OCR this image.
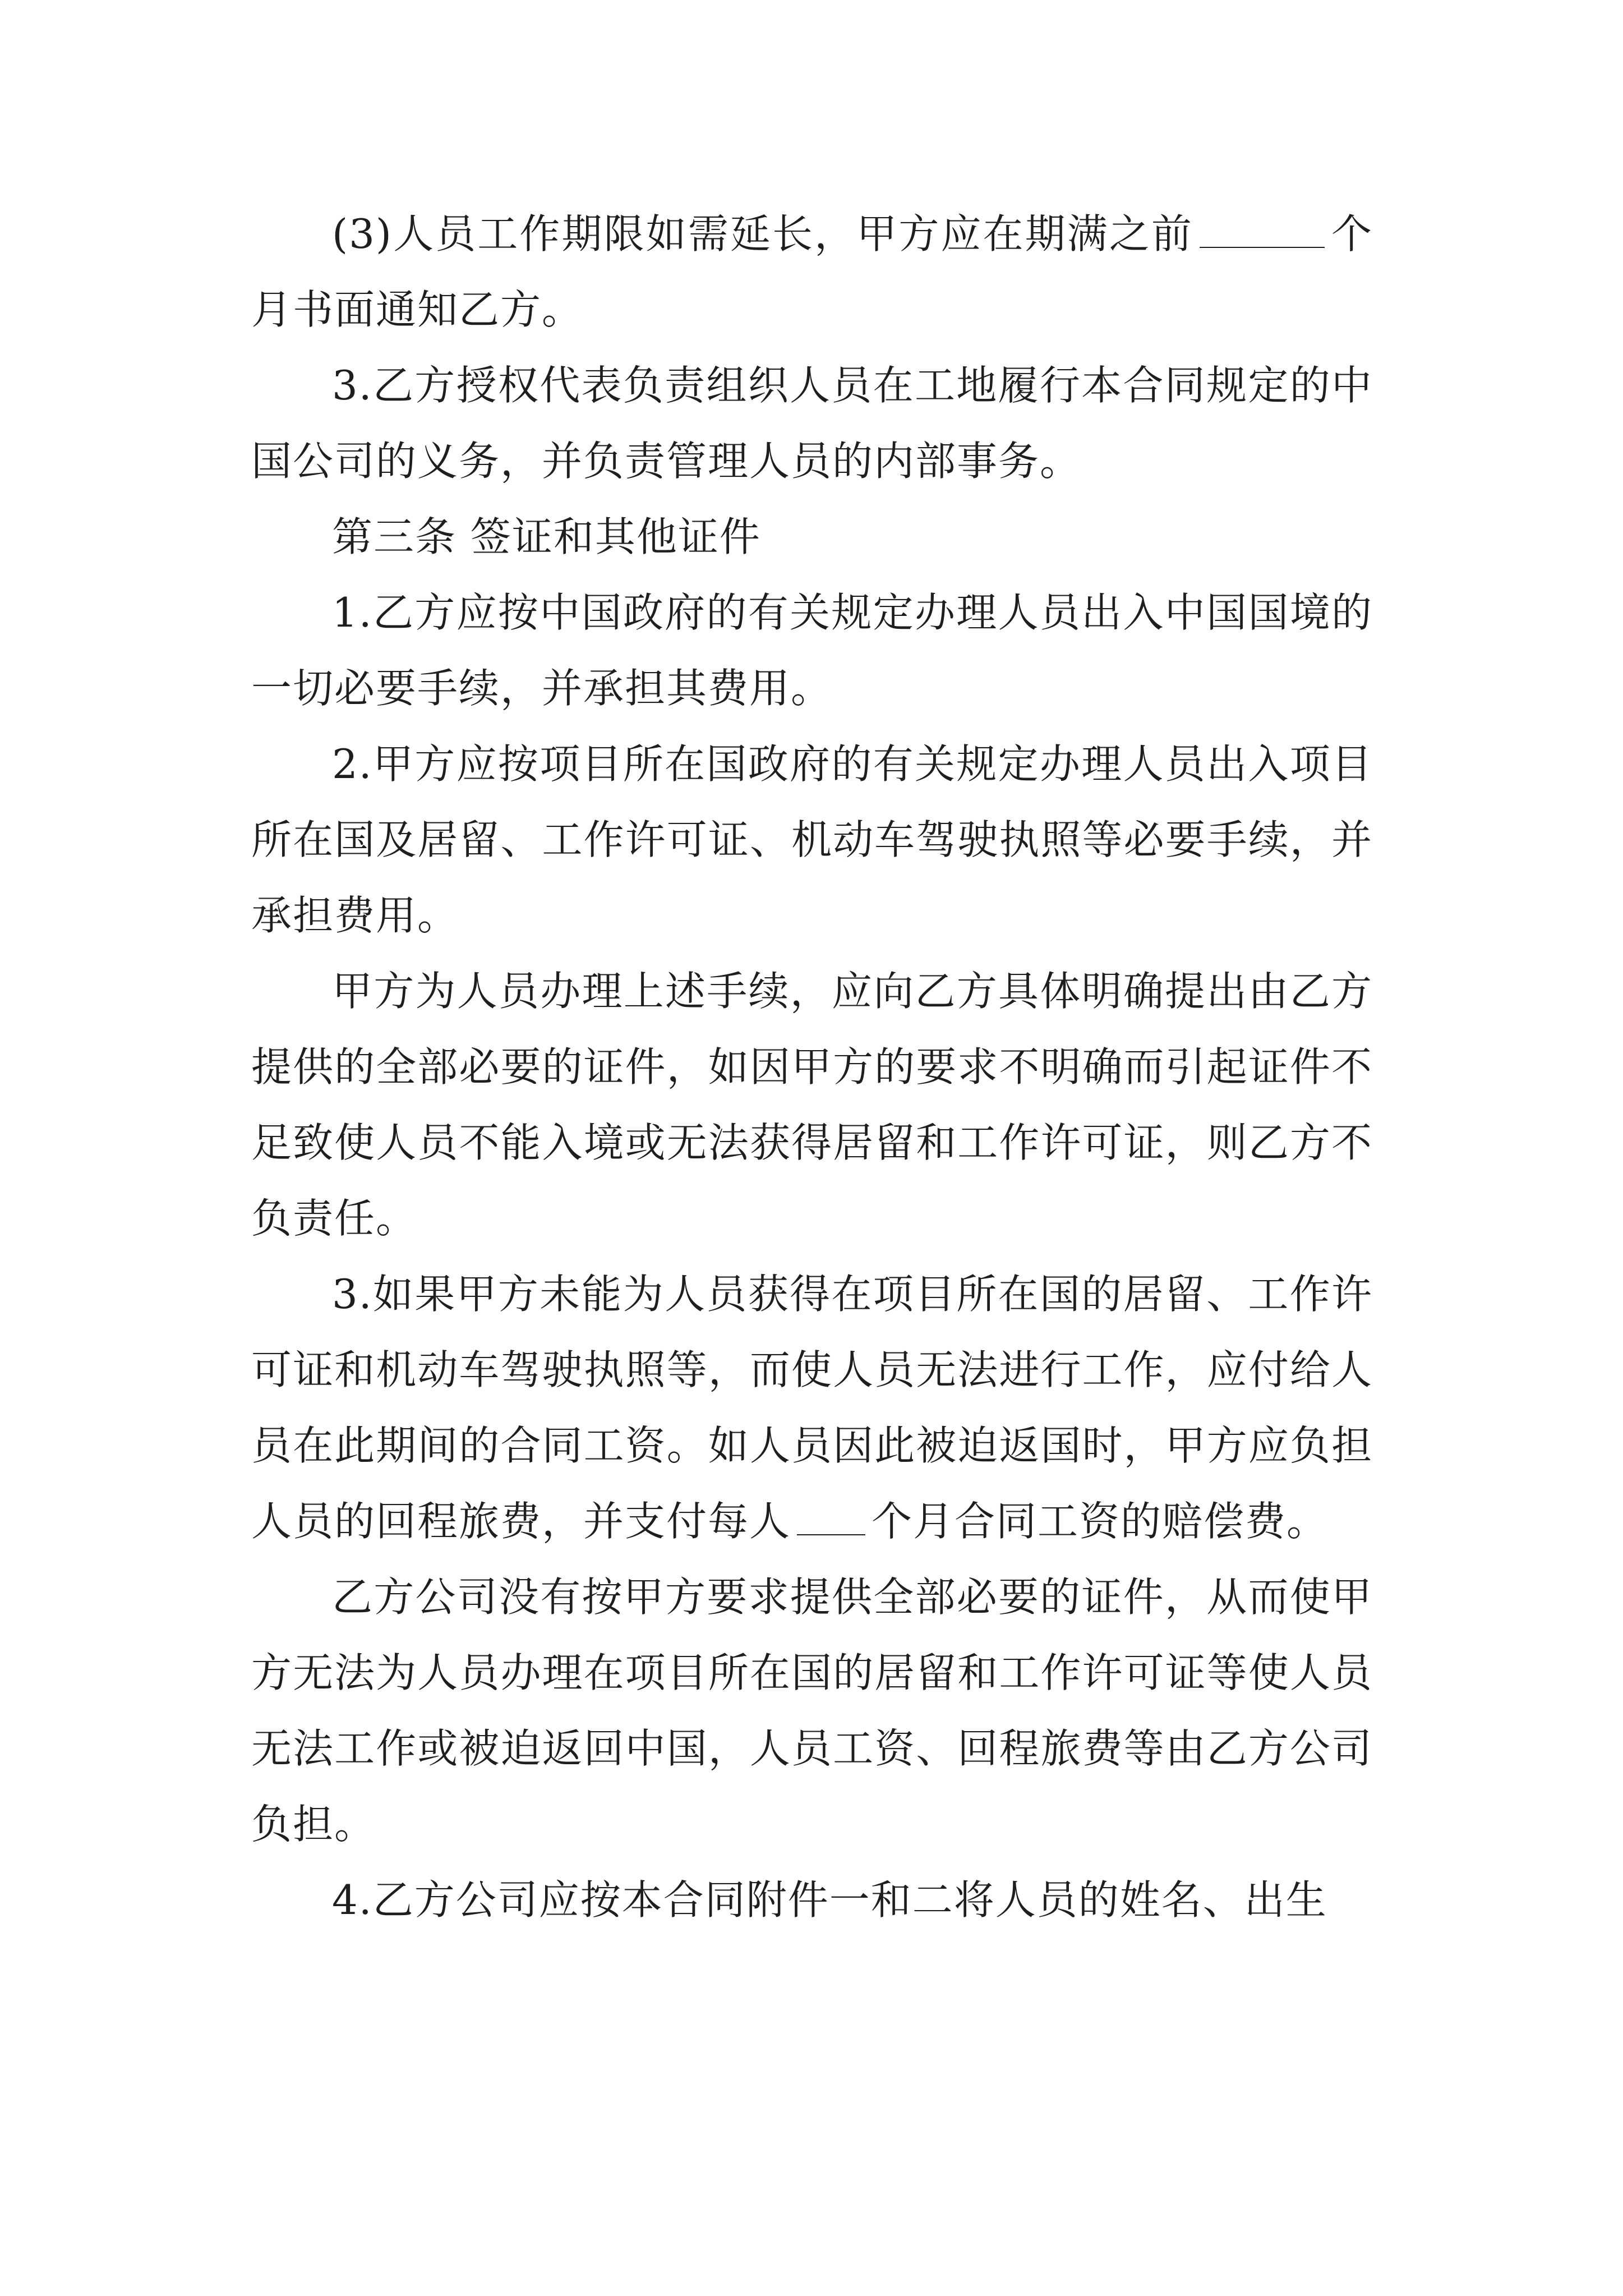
(3)人员工作期限如需延长，甲方应在期满之前	个月书面通知乙方。

3.乙方授权代表负责组织人员在工地履行本合同规定的中国公司的义务，并负责管理人员的内部事务。

第三条 签证和其他证件

1.乙方应按中国政府的有关规定办理人员出入中国国境的一切必要手续，并承担其费用。

2.甲方应按项目所在国政府的有关规定办理人员出入项目所在国及居留、工作许可证、机动车驾驶执照等必要手续，并承担费用。

甲方为人员办理上述手续，应向乙方具体明确提出由乙方提供的全部必要的证件，如因甲方的要求不明确而引起证件不足致使人员不能入境或无法获得居留和工作许可证，则乙方不负责任。

3.如果甲方未能为人员获得在项目所在国的居留、工作许可证和机动车驾驶执照等，而使人员无法进行工作，应付给人员在此期间的合同工资。如人员因此被迫返国时，甲方应负担人员的回程旅费，并支付每人 个月合同工资的赔偿费。

乙方公司没有按甲方要求提供全部必要的证件，从而使甲方无法为人员办理在项目所在国的居留和工作许可证等使人员无法工作或被迫返回中国，人员工资、回程旅费等由乙方公司负担。

4.乙方公司应按本合同附件一和二将人员的姓名、出生
